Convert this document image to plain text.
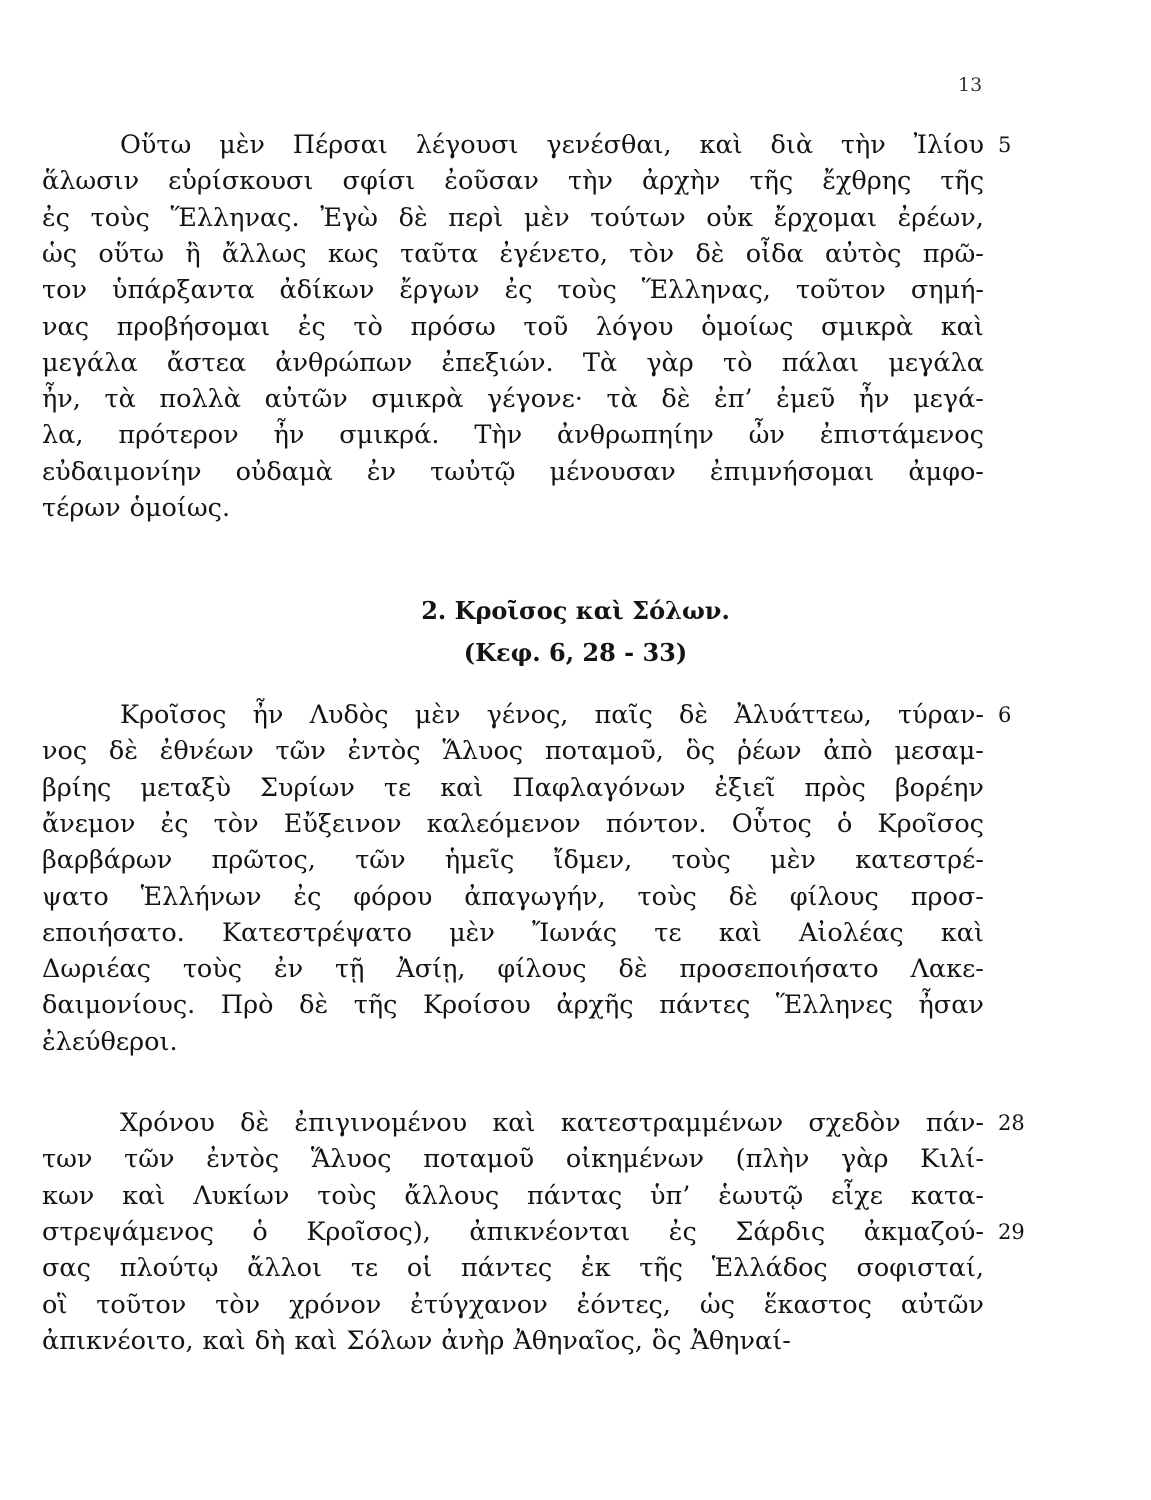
13
Οὕτω μὲν Πέρσαι λέγουσι γενέσθαι, καὶ διὰ τὴν Ἰλίου
ἅλωσιν εὑρίσκουσι σφίσι ἐοῦσαν τὴν ἀρχὴν τῆς ἔχθρης τῆς
ἐς τοὺς Ἕλληνας. Ἐγὼ δὲ περὶ μὲν τούτων οὐκ ἔρχομαι ἐρέων,
ὡς οὕτω ἢ ἄλλως κως ταῦτα ἐγένετο, τὸν δὲ οἶδα αὐτὸς πρῶ-
τον ὑπάρξαντα ἀδίκων ἔργων ἐς τοὺς Ἕλληνας, τοῦτον σημή-
νας προβήσομαι ἐς τὸ πρόσω τοῦ λόγου ὁμοίως σμικρὰ καὶ
μεγάλα ἄστεα ἀνθρώπων ἐπεξιών. Τὰ γὰρ τὸ πάλαι μεγάλα
ἦν, τὰ πολλὰ αὐτῶν σμικρὰ γέγονε· τὰ δὲ ἐπ’ ἐμεῦ ἦν μεγά-
λα, πρότερον ἦν σμικρά. Τὴν ἀνθρωπηίην ὦν ἐπιστάμενος
εὐδαιμονίην οὐδαμὰ ἐν τωὐτῷ μένουσαν ἐπιμνήσομαι ἀμφο-
τέρων ὁμοίως.
Κροῖσος ἦν Λυδὸς μὲν γένος, παῖς δὲ Ἀλυάττεω, τύραν-
νος δὲ ἐθνέων τῶν ἐντὸς Ἅλυος ποταμοῦ, ὃς ῥέων ἀπὸ μεσαμ-
βρίης μεταξὺ Συρίων τε καὶ Παφλαγόνων ἐξιεῖ πρὸς βορέην
ἄνεμον ἐς τὸν Εὔξεινον καλεόμενον πόντον. Οὗτος ὁ Κροῖσος
βαρβάρων πρῶτος, τῶν ἡμεῖς ἴδμεν, τοὺς μὲν κατεστρέ-
ψατο Ἑλλήνων ἐς φόρου ἀπαγωγήν, τοὺς δὲ φίλους προσ-
εποιήσατο. Κατεστρέψατο μὲν Ἴωνάς τε καὶ Αἰολέας καὶ
Δωριέας τοὺς ἐν τῇ Ἀσίῃ, φίλους δὲ προσεποιήσατο Λακε-
δαιμονίους. Πρὸ δὲ τῆς Κροίσου ἀρχῆς πάντες Ἕλληνες ἦσαν
ἐλεύθεροι.
Χρόνου δὲ ἐπιγινομένου καὶ κατεστραμμένων σχεδὸν πάν-
των τῶν ἐντὸς Ἅλυος ποταμοῦ οἰκημένων (πλὴν γὰρ Κιλί-
κων καὶ Λυκίων τοὺς ἄλλους πάντας ὑπ’ ἑωυτῷ εἶχε κατα-
στρεψάμενος ὁ Κροῖσος), ἀπικνέονται ἐς Σάρδις ἀκμαζού-
σας πλούτῳ ἄλλοι τε οἱ πάντες ἐκ τῆς Ἑλλάδος σοφισταί,
οἳ τοῦτον τὸν χρόνον ἐτύγχανον ἐόντες, ὡς ἕκαστος αὐτῶν
ἀπικνέοιτο, καὶ δὴ καὶ Σόλων ἀνὴρ Ἀθηναῖος, ὃς Ἀθηναί-
5
6
28
29
2. Κροῖσος καὶ Σόλων.
(Κεφ. 6, 28 - 33)
